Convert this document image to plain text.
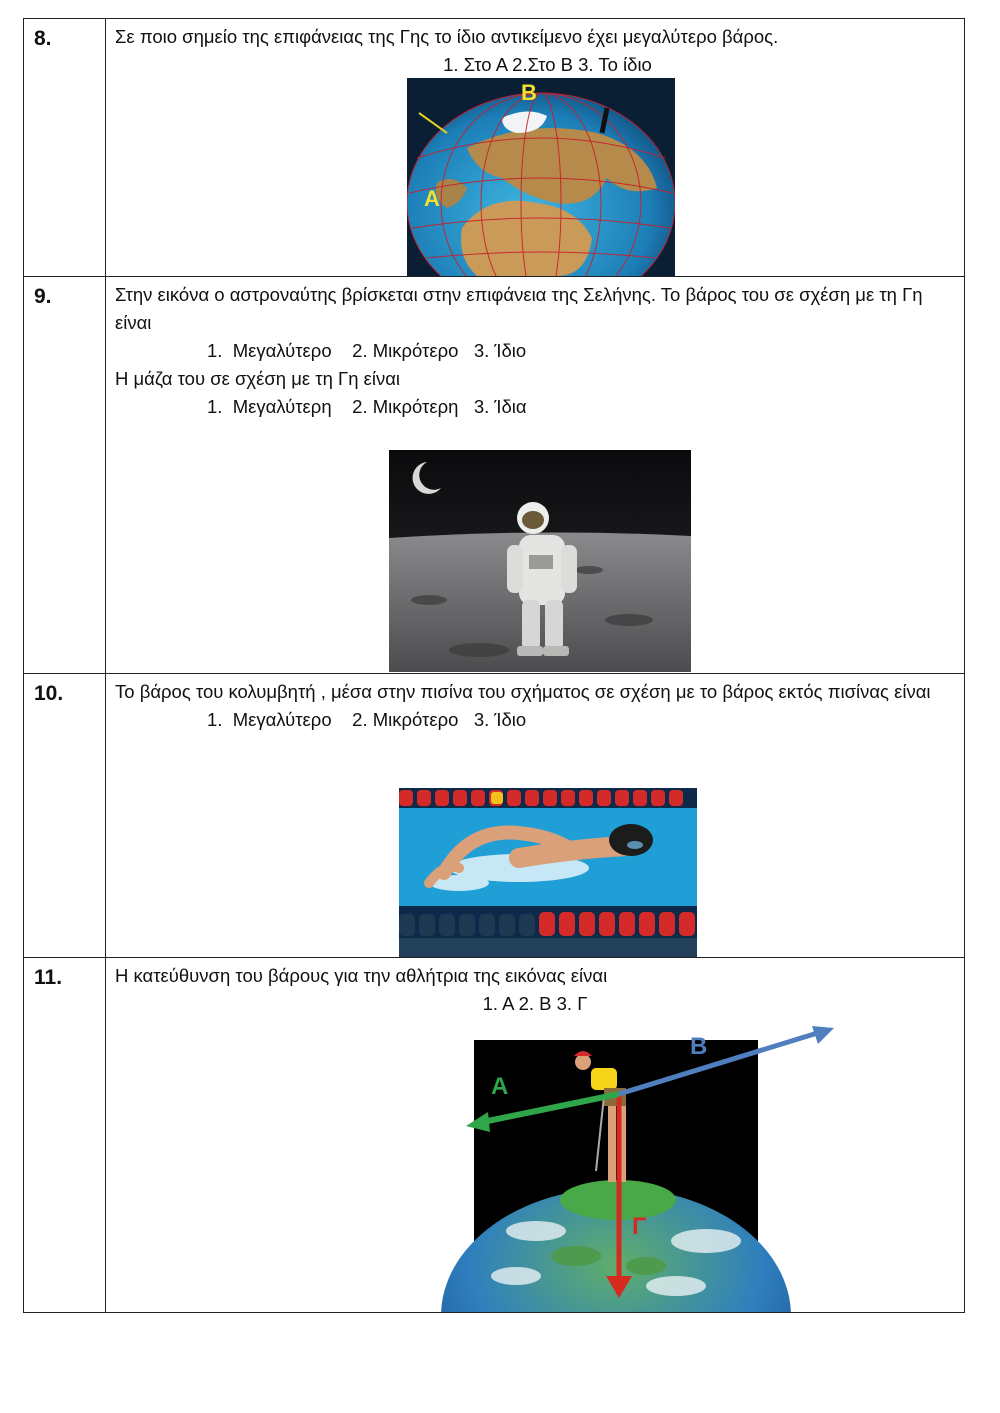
8.	Σε ποιο σημείο της επιφάνειας της Γης το ίδιο αντικείμενο έχει μεγαλύτερο βάρος.
1. Στο Α 2.Στο Β 3. Το ίδιο
B
A

9.	Στην εικόνα ο αστροναύτης βρίσκεται στην επιφάνεια της Σελήνης. Το βάρος του σε σχέση με τη Γη είναι
1.  Μεγαλύτερο    2. Μικρότερο   3. Ίδιο
Η μάζα του σε σχέση με τη Γη είναι
1.  Μεγαλύτερη    2. Μικρότερη   3. Ίδια

10.	Το βάρος του κολυμβητή , μέσα στην πισίνα του σχήματος σε σχέση με το βάρος εκτός πισίνας είναι
1.  Μεγαλύτερο    2. Μικρότερο   3. Ίδιο

11.	Η κατεύθυνση του βάρους για την αθλήτρια της εικόνας είναι
1. Α 2. Β 3. Γ
A
B
Γ
